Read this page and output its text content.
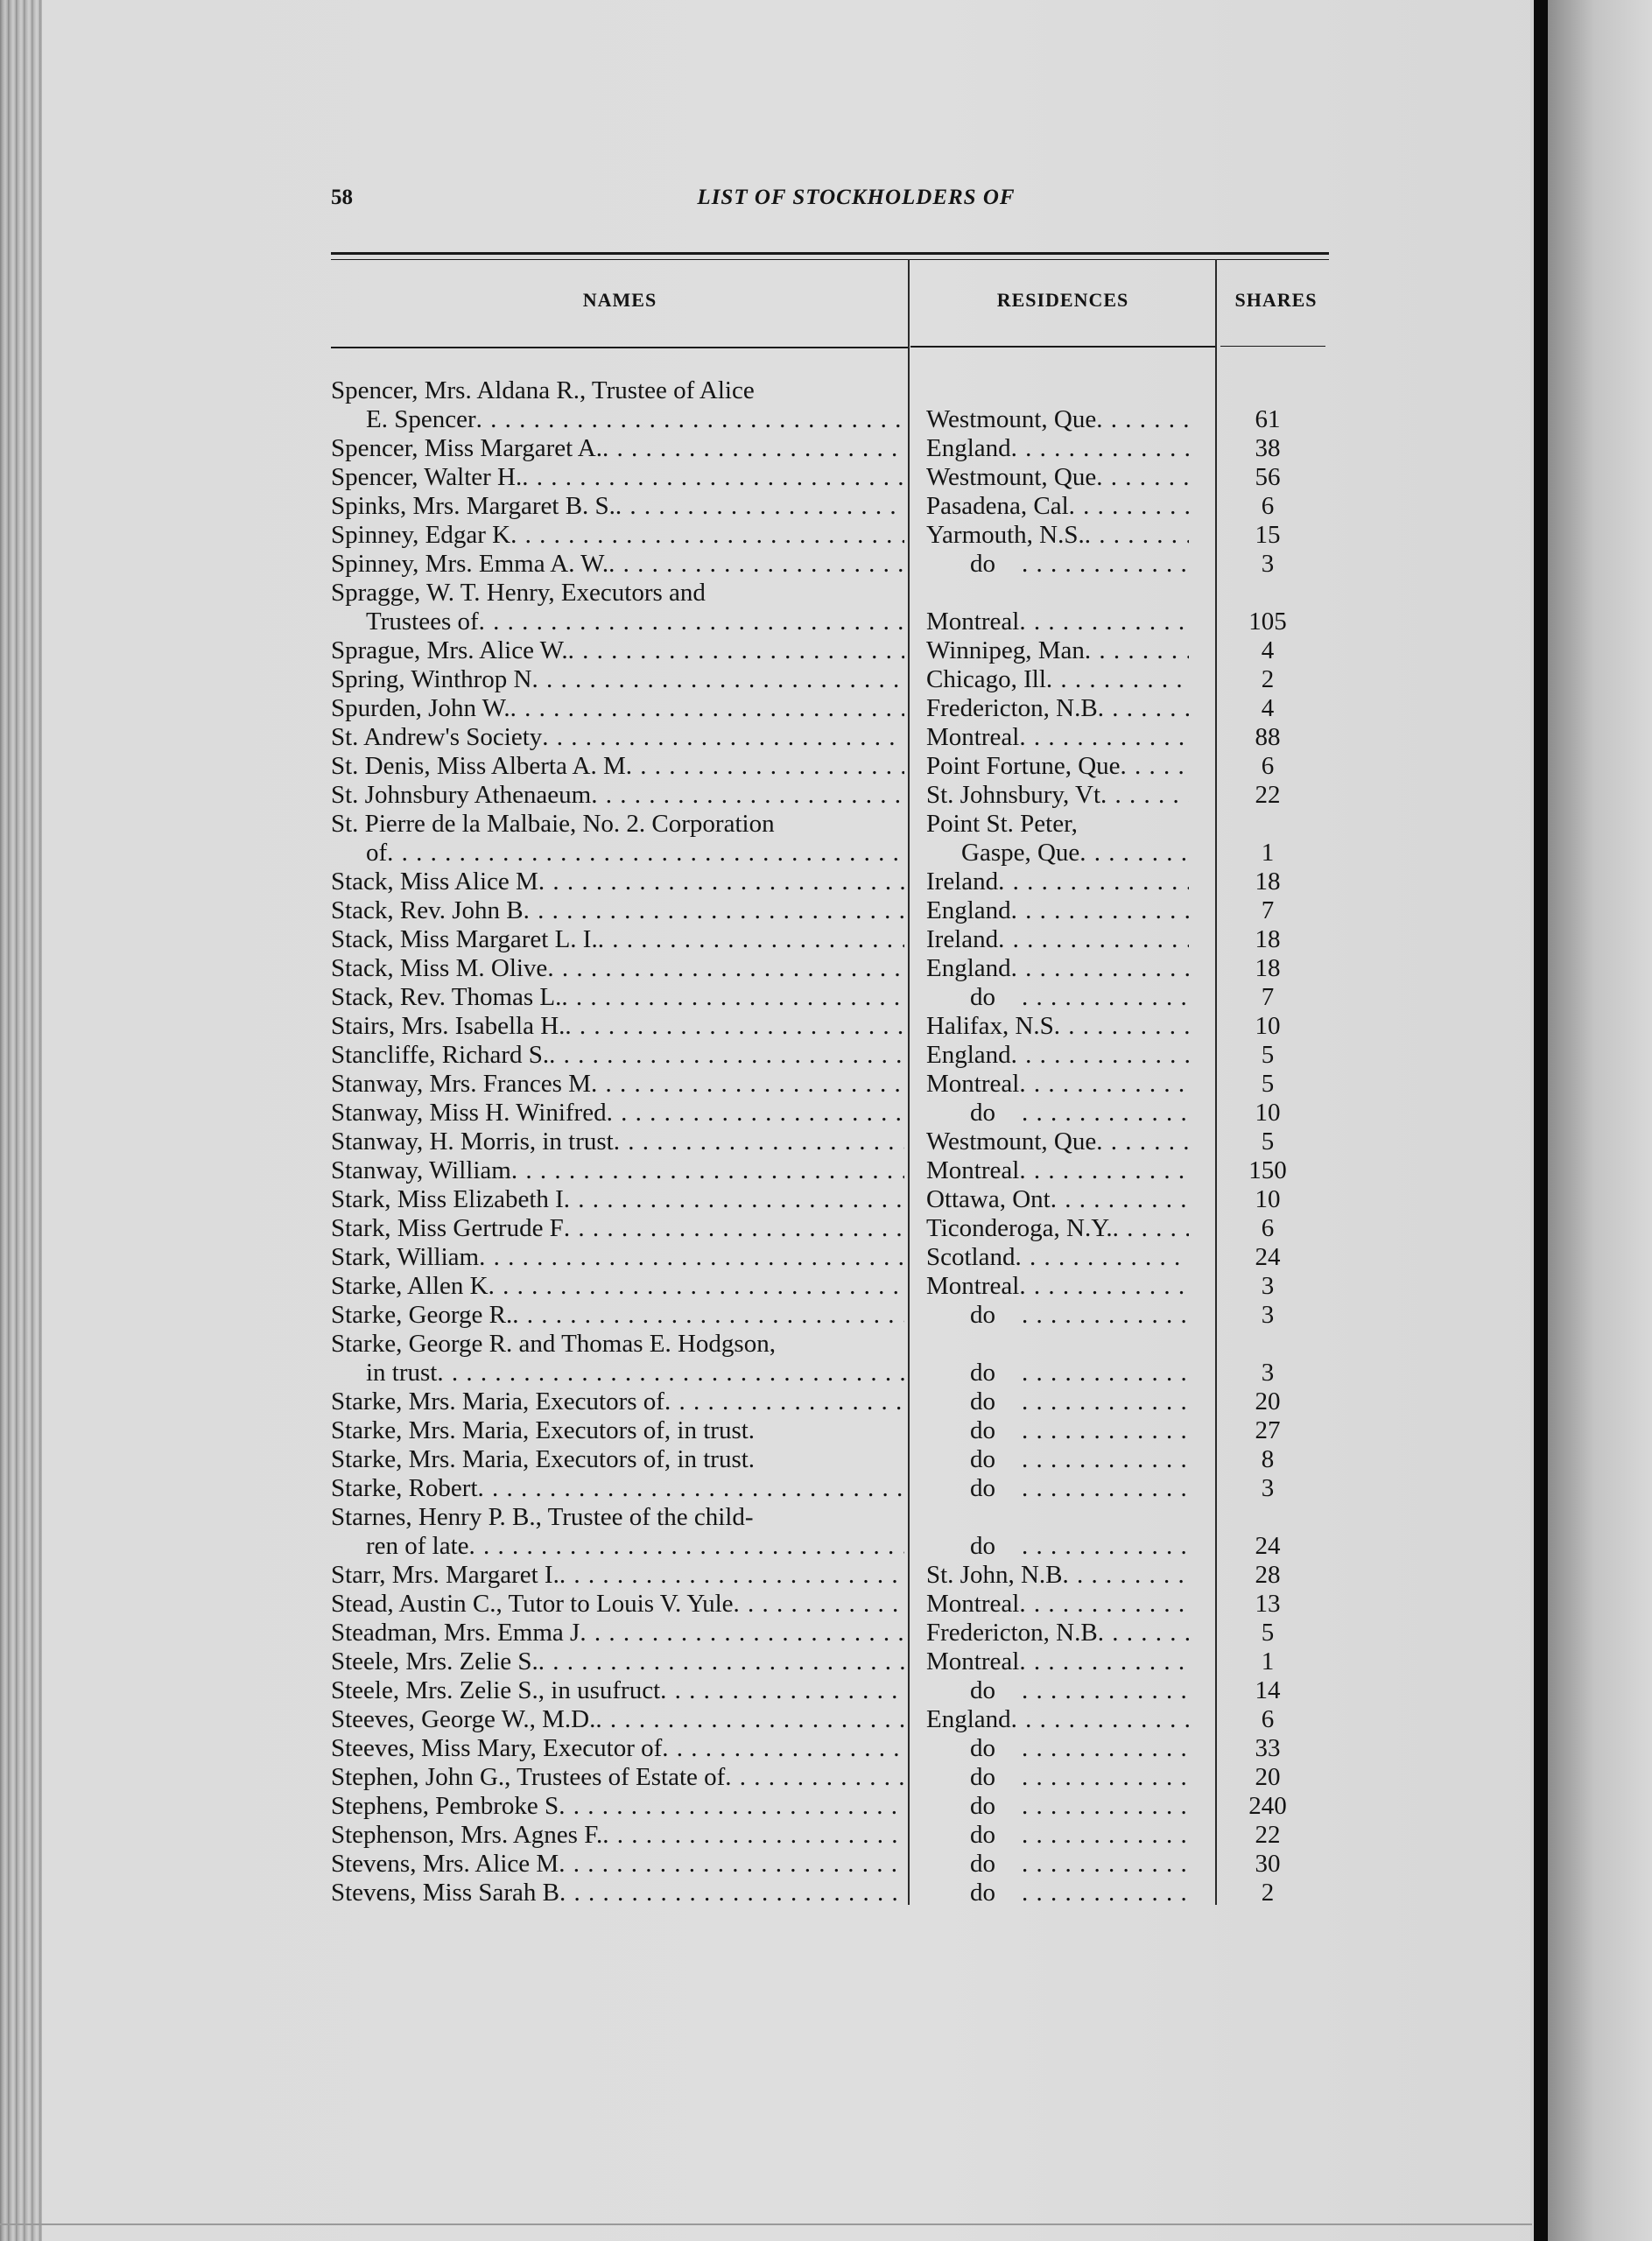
58	LIST OF STOCKHOLDERS OF
NAMES	RESIDENCES	SHARES
Spencer, Mrs. Aldana R., Trustee of Alice
E. Spencer . . .	Westmount, Que . . .	61
Spencer, Miss Margaret A. . . .	England . . .	38
Spencer, Walter H. . . .	Westmount, Que . . .	56
Spinks, Mrs. Margaret B. S. . . .	Pasadena, Cal . . .	6
Spinney, Edgar K . . .	Yarmouth, N.S. . . .	15
Spinney, Mrs. Emma A. W. . . .	do . . .	3
Spragge, W. T. Henry, Executors and
Trustees of . . .	Montreal . . .	105
Sprague, Mrs. Alice W. . . .	Winnipeg, Man . . .	4
Spring, Winthrop N . . .	Chicago, Ill . . .	2
Spurden, John W. . . .	Fredericton, N.B . . .	4
St. Andrew's Society . . .	Montreal . . .	88
St. Denis, Miss Alberta A. M . . .	Point Fortune, Que . . .	6
St. Johnsbury Athenaeum . . .	St. Johnsbury, Vt . . .	22
St. Pierre de la Malbaie, No. 2. Corporation	Point St. Peter,
of . . .	Gaspe, Que . . .	1
Stack, Miss Alice M . . .	Ireland . . .	18
Stack, Rev. John B . . .	England . . .	7
Stack, Miss Margaret L. I. . . .	Ireland . . .	18
Stack, Miss M. Olive . . .	England . . .	18
Stack, Rev. Thomas L. . . .	do . . .	7
Stairs, Mrs. Isabella H. . . .	Halifax, N.S . . .	10
Stancliffe, Richard S. . . .	England . . .	5
Stanway, Mrs. Frances M . . .	Montreal . . .	5
Stanway, Miss H. Winifred . . .	do . . .	10
Stanway, H. Morris, in trust . . .	Westmount, Que . . .	5
Stanway, William . . .	Montreal . . .	150
Stark, Miss Elizabeth I . . .	Ottawa, Ont . . .	10
Stark, Miss Gertrude F . . .	Ticonderoga, N.Y. . . .	6
Stark, William . . .	Scotland . . .	24
Starke, Allen K . . .	Montreal . . .	3
Starke, George R. . . .	do . . .	3
Starke, George R. and Thomas E. Hodgson,
in trust . . .	do . . .	3
Starke, Mrs. Maria, Executors of . . .	do . . .	20
Starke, Mrs. Maria, Executors of, in trust.	do . . .	27
Starke, Mrs. Maria, Executors of, in trust.	do . . .	8
Starke, Robert . . .	do . . .	3
Starnes, Henry P. B., Trustee of the child-
ren of late . . .	do . . .	24
Starr, Mrs. Margaret I. . . .	St. John, N.B . . .	28
Stead, Austin C., Tutor to Louis V. Yule . . .	Montreal . . .	13
Steadman, Mrs. Emma J . . .	Fredericton, N.B . . .	5
Steele, Mrs. Zelie S. . . .	Montreal . . .	1
Steele, Mrs. Zelie S., in usufruct . . .	do . . .	14
Steeves, George W., M.D. . . .	England . . .	6
Steeves, Miss Mary, Executor of . . .	do . . .	33
Stephen, John G., Trustees of Estate of . . .	do . . .	20
Stephens, Pembroke S . . .	do . . .	240
Stephenson, Mrs. Agnes F. . . .	do . . .	22
Stevens, Mrs. Alice M . . .	do . . .	30
Stevens, Miss Sarah B . . .	do . . .	2
